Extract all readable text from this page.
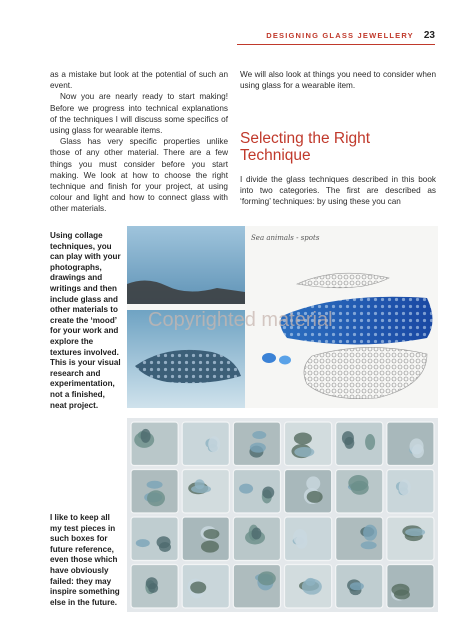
DESIGNING GLASS JEWELLERY 23

as a mistake but look at the potential of such an event.

Now you are nearly ready to start making! Before we progress into technical explanations of the techniques I will discuss some specifics of using glass for wearable items.

Glass has very specific properties unlike those of any other material. There are a few things you must consider before you start making. We look at how to choose the right technique and finish for your project, at using colour and light and how to connect glass with other materials.

We will also look at things you need to consider when using glass for a wearable item.

Selecting the Right Technique

I divide the glass techniques described in this book into two categories. The first are described as ‘forming’ techniques: by using these you can

Using collage techniques, you can play with your photographs, drawings and writings and then include glass and other materials to create the ‘mood’ for your work and explore the textures involved. This is your visual research and experimentation, not a finished, neat project.
Sea animals - spots
Copyrighted material
I like to keep all my test pieces in such boxes for future reference, even those which have obviously failed: they may inspire something else in the future.
